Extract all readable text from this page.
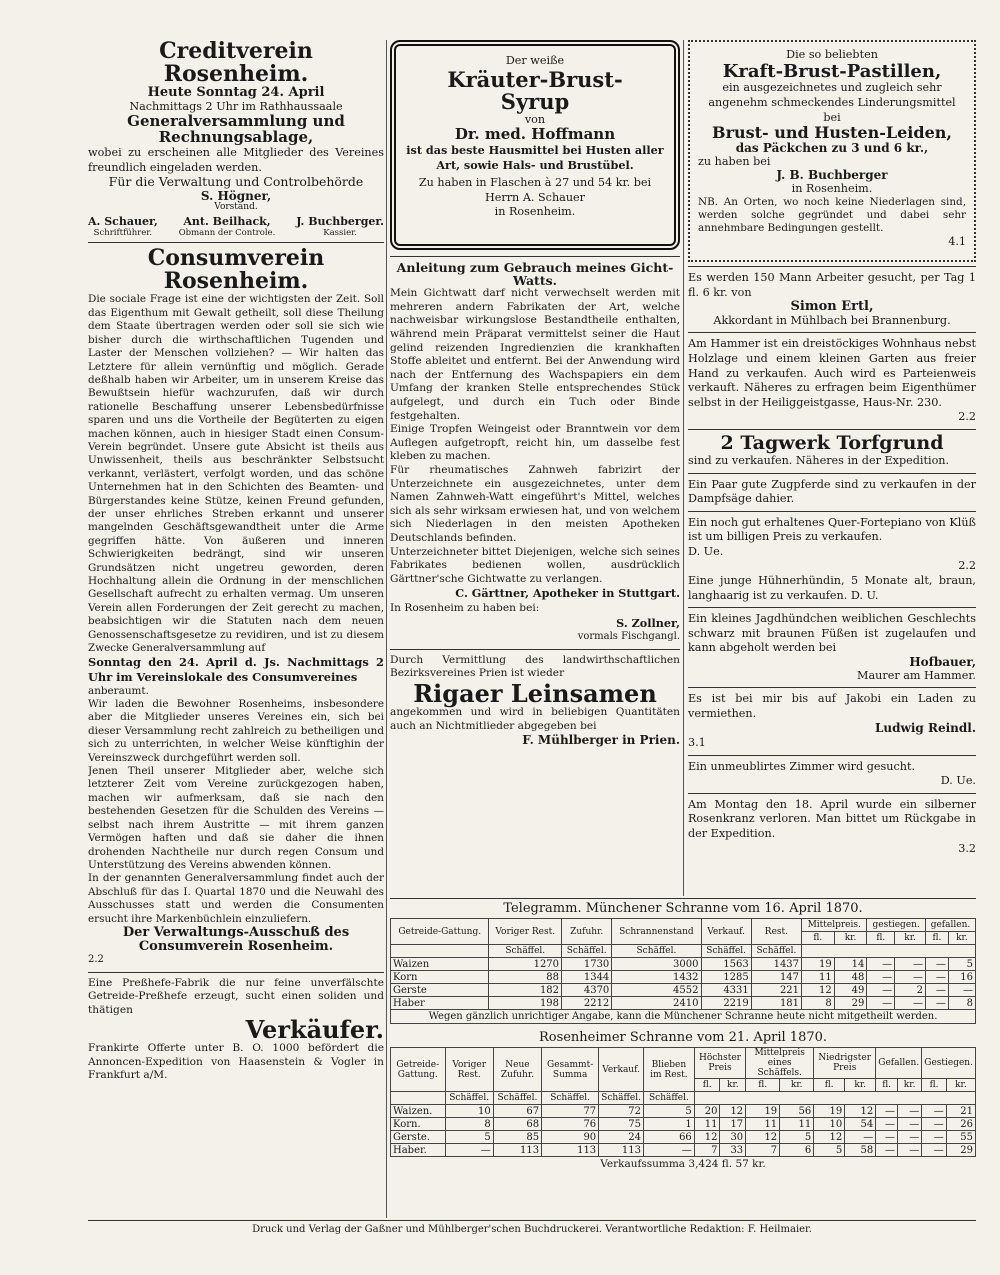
Creditverein Rosenheim.

Heute Sonntag 24. April

Nachmittags 2 Uhr im Rathhaussaale

Generalversammlung und Rechnungsablage,

wobei zu erscheinen alle Mitglieder des Vereines freundlich eingeladen werden.

Für die Verwaltung und Controlbehörde

S. Högner,

Vorstand.

A. Schauer,
Schriftführer.
Ant. Beilhack,
Obmann der Controle.
J. Buchberger.
Kassier.

Consumverein Rosenheim.

Die sociale Frage ist eine der wichtigsten der Zeit. Soll das Eigenthum mit Gewalt getheilt, soll diese Theilung dem Staate übertragen werden oder soll sie sich wie bisher durch die wirthschaftlichen Tugenden und Laster der Menschen vollziehen? — Wir halten das Letztere für allein vernünftig und möglich. Gerade deßhalb haben wir Arbeiter, um in unserem Kreise das Bewußtsein hiefür wachzurufen, daß wir durch rationelle Beschaffung unserer Lebensbedürfnisse sparen und uns die Vortheile der Begüterten zu eigen machen können, auch in hiesiger Stadt einen Consum-Verein begründet. Unsere gute Absicht ist theils aus Unwissenheit, theils aus beschränkter Selbstsucht verkannt, verlästert, verfolgt worden, und das schöne Unternehmen hat in den Schichten des Beamten- und Bürgerstandes keine Stütze, keinen Freund gefunden, der unser ehrliches Streben erkannt und unserer mangelnden Geschäftsgewandtheit unter die Arme gegriffen hätte. Von äußeren und inneren Schwierigkeiten bedrängt, sind wir unseren Grundsätzen nicht ungetreu geworden, deren Hochhaltung allein die Ordnung in der menschlichen Gesellschaft aufrecht zu erhalten vermag. Um unseren Verein allen Forderungen der Zeit gerecht zu machen, beabsichtigen wir die Statuten nach dem neuen Genossenschaftsgesetze zu revidiren, und ist zu diesem Zwecke Generalversammlung auf

Sonntag den 24. April d. Js. Nachmittags 2 Uhr im Vereinslokale des Consumvereines

anberaumt.

Wir laden die Bewohner Rosenheims, insbesondere aber die Mitglieder unseres Vereines ein, sich bei dieser Versammlung recht zahlreich zu betheiligen und sich zu unterrichten, in welcher Weise künftighin der Vereinszweck durchgeführt werden soll.

Jenen Theil unserer Mitglieder aber, welche sich letzterer Zeit vom Vereine zurückgezogen haben, machen wir aufmerksam, daß sie nach den bestehenden Gesetzen für die Schulden des Vereins — selbst nach ihrem Austritte — mit ihrem ganzen Vermögen haften und daß sie daher die ihnen drohenden Nachtheile nur durch regen Consum und Unterstützung des Vereins abwenden können.

In der genannten Generalversammlung findet auch der Abschluß für das I. Quartal 1870 und die Neuwahl des Ausschusses statt und werden die Consumenten ersucht ihre Markenbüchlein einzuliefern.

Der Verwaltungs-Ausschuß des Consumverein Rosenheim.

2.2

Eine Preßhefe-Fabrik die nur feine unverfälschte Getreide-Preßhefe erzeugt, sucht einen soliden und thätigen

Verkäufer.

Frankirte Offerte unter B. O. 1000 befördert die Annoncen-Expedition von Haasenstein & Vogler in Frankfurt a/M.

Der weiße

Kräuter-Brust-

Syrup

von

Dr. med. Hoffmann

ist das beste Hausmittel bei Husten aller Art, sowie Hals- und Brustübel.

Zu haben in Flaschen à 27 und 54 kr. bei Herrn A. Schauer

in Rosenheim.

Anleitung zum Gebrauch meines Gicht-Watts.

Mein Gichtwatt darf nicht verwechselt werden mit mehreren andern Fabrikaten der Art, welche nachweisbar wirkungslose Bestandtheile enthalten, während mein Präparat vermittelst seiner die Haut gelind reizenden Ingredienzien die krankhaften Stoffe ableitet und entfernt. Bei der Anwendung wird nach der Entfernung des Wachspapiers ein dem Umfang der kranken Stelle entsprechendes Stück aufgelegt, und durch ein Tuch oder Binde festgehalten.

Einige Tropfen Weingeist oder Branntwein vor dem Auflegen aufgetropft, reicht hin, um dasselbe fest kleben zu machen.

Für rheumatisches Zahnweh fabrizirt der Unterzeichnete ein ausgezeichnetes, unter dem Namen Zahnweh-Watt eingeführt's Mittel, welches sich als sehr wirksam erwiesen hat, und von welchem sich Niederlagen in den meisten Apotheken Deutschlands befinden.

Unterzeichneter bittet Diejenigen, welche sich seines Fabrikates bedienen wollen, ausdrücklich Gärttner'sche Gichtwatte zu verlangen.

C. Gärttner, Apotheker in Stuttgart.

In Rosenheim zu haben bei:

S. Zollner,

vormals Fischgangl.

Durch Vermittlung des landwirthschaftlichen Bezirksvereines Prien ist wieder

Rigaer Leinsamen

angekommen und wird in beliebigen Quantitäten auch an Nichtmitlieder abgegeben bei

F. Mühlberger in Prien.

Die so beliebten

Kraft-Brust-Pastillen,

ein ausgezeichnetes und zugleich sehr angenehm schmeckendes Linderungsmittel bei

Brust- und Husten-Leiden,

das Päckchen zu 3 und 6 kr.,

zu haben bei

J. B. Buchberger

in Rosenheim.

NB. An Orten, wo noch keine Niederlagen sind, werden solche gegründet und dabei sehr annehmbare Bedingungen gestellt.

4.1

Es werden 150 Mann Arbeiter gesucht, per Tag 1 fl. 6 kr. von

Simon Ertl,

Akkordant in Mühlbach bei Brannenburg.

Am Hammer ist ein dreistöckiges Wohnhaus nebst Holzlage und einem kleinen Garten aus freier Hand zu verkaufen. Auch wird es Parteienweis verkauft. Näheres zu erfragen beim Eigenthümer selbst in der Heiliggeistgasse, Haus-Nr. 230.

2.2

2 Tagwerk Torfgrund

sind zu verkaufen. Näheres in der Expedition.

Ein Paar gute Zugpferde sind zu verkaufen in der Dampfsäge dahier.

Ein noch gut erhaltenes Quer-Fortepiano von Klüß ist um billigen Preis zu verkaufen.

D. Ue.

2.2

Eine junge Hühnerhündin, 5 Monate alt, braun, langhaarig ist zu verkaufen. D. U.

Ein kleines Jagdhündchen weiblichen Geschlechts schwarz mit braunen Füßen ist zugelaufen und kann abgeholt werden bei

Hofbauer,

Maurer am Hammer.

Es ist bei mir bis auf Jakobi ein Laden zu vermiethen.

Ludwig Reindl.

3.1

Ein unmeublirtes Zimmer wird gesucht.

D. Ue.

Am Montag den 18. April wurde ein silberner Rosenkranz verloren. Man bittet um Rückgabe in der Expedition.

3.2

Telegramm. Münchener Schranne vom 16. April 1870.

Getreide-Gattung.	Voriger Rest.	Zufuhr.	Schrannenstand	Verkauf.	Rest.	Mittelpreis.		gestiegen.		gefallen.	
						fl.	kr.	fl.	kr.	fl.	kr.
	Schäffel.	Schäffel.	Schäffel.	Schäffel.	Schäffel.						
Waizen	1270	1730	3000	1563	1437	19	14	—	—	—	5
Korn	88	1344	1432	1285	147	11	48	—	—	—	16
Gerste	182	4370	4552	4331	221	12	49	—	2	—	—
Haber	198	2212	2410	2219	181	8	29	—	—	—	8
Wegen gänzlich unrichtiger Angabe, kann die Münchener Schranne heute nicht mitgetheilt werden.

Rosenheimer Schranne vom 21. April 1870.

Getreide-Gattung.	Voriger Rest.	Neue Zufuhr.	Gesammt-Summa	Verkauf.	Blieben im Rest.	Höchster Preis		Mittelpreis eines Schäffels.		Niedrigster Preis		Gefallen.		Gestiegen.	
						fl.	kr.	fl.	kr.	fl.	kr.	fl.	kr.	fl.	kr.
	Schäffel.	Schäffel.	Schäffel.	Schäffel.	Schäffel.										
Waizen.	10	67	77	72	5	20	12	19	56	19	12	—	—	—	21
Korn.	8	68	76	75	1	11	17	11	11	10	54	—	—	—	26
Gerste.	5	85	90	24	66	12	30	12	5	12	—	—	—	—	55
Haber.	—	113	113	113	—	7	33	7	6	5	58	—	—	—	29

Verkaufssumma 3,424 fl. 57 kr.

Druck und Verlag der Gaßner und Mühlberger'schen Buchdruckerei. Verantwortliche Redaktion: F. Heilmaier.
